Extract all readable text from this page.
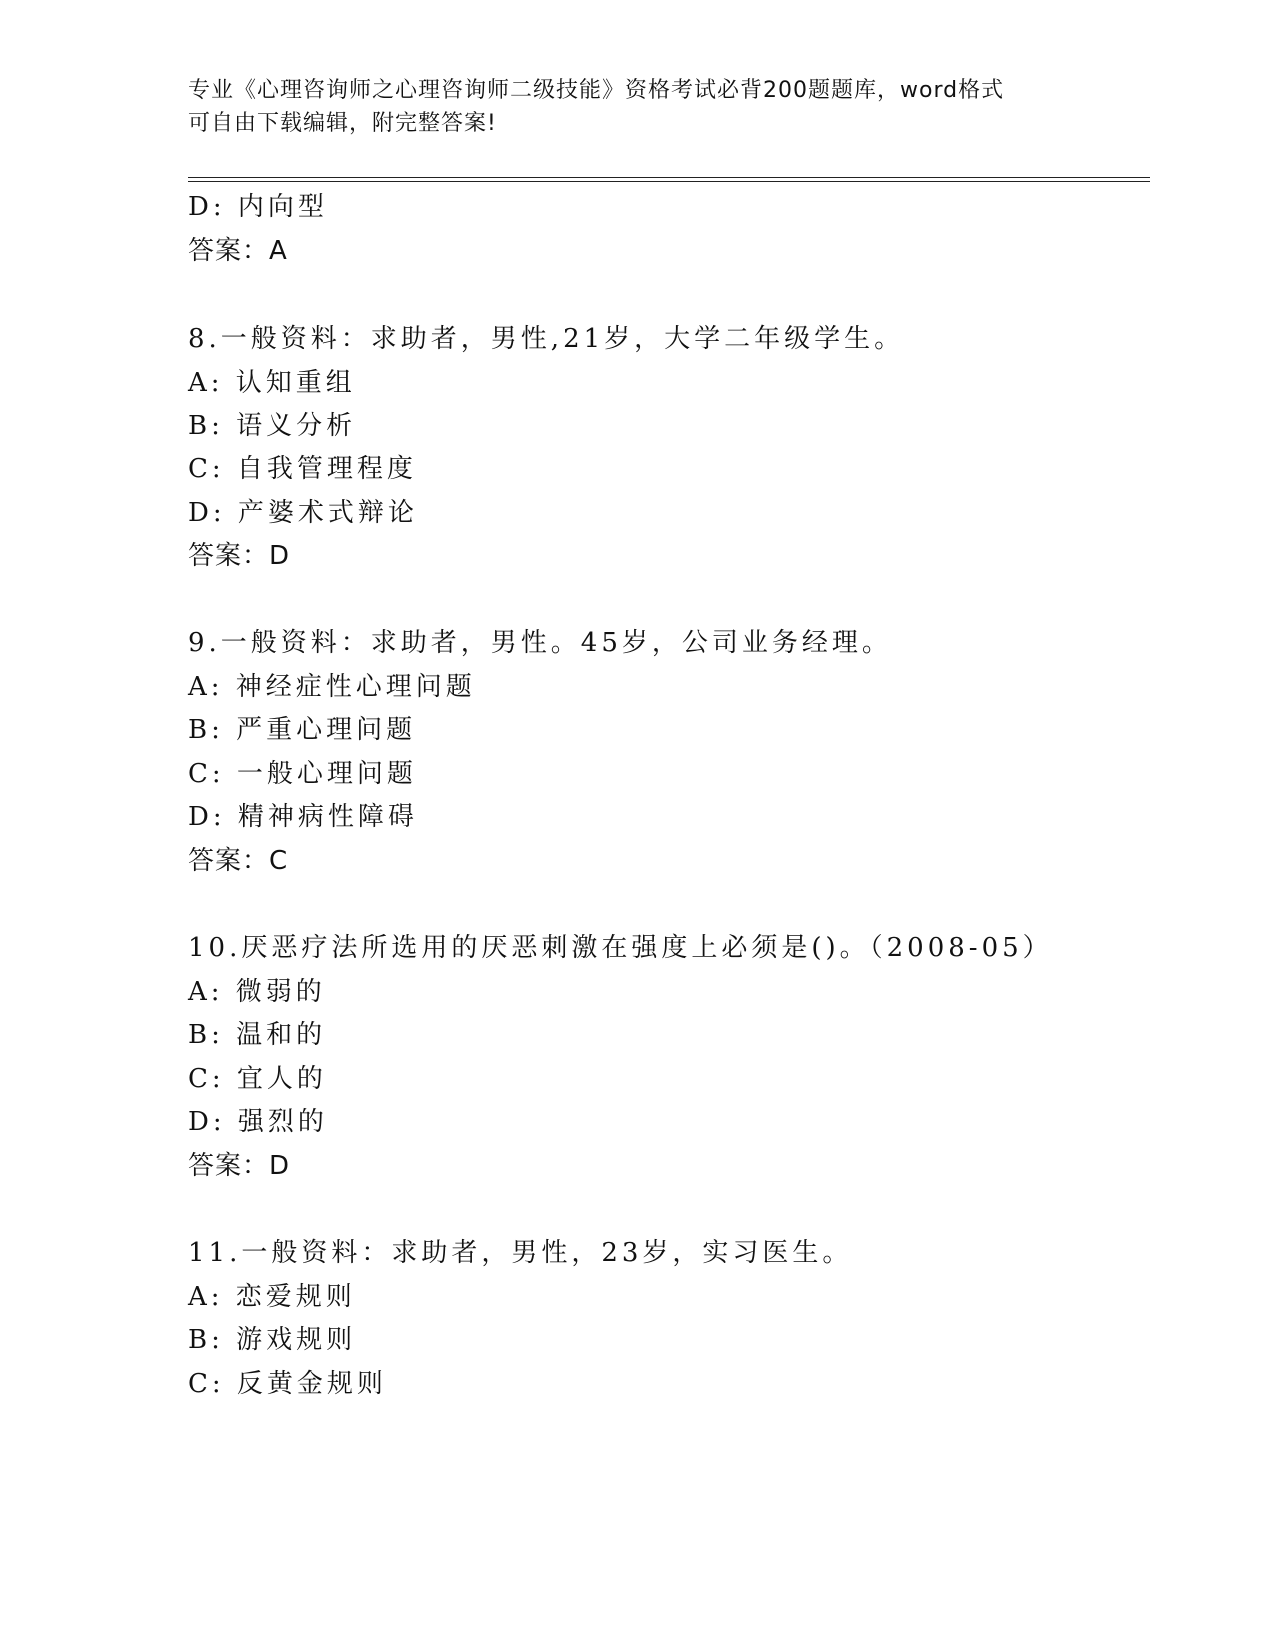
专业《心理咨询师之心理咨询师二级技能》资格考试必背200题题库，word格式
可自由下载编辑，附完整答案!
D: 内向型
答案：A
8.一般资料：求助者，男性,21岁，大学二年级学生。
A: 认知重组
B: 语义分析
C: 自我管理程度
D: 产婆术式辩论
答案：D
9.一般资料：求助者，男性。45岁，公司业务经理。
A: 神经症性心理问题
B: 严重心理问题
C: 一般心理问题
D: 精神病性障碍
答案：C
10.厌恶疗法所选用的厌恶刺激在强度上必须是()。（2008-05）
A: 微弱的
B: 温和的
C: 宜人的
D: 强烈的
答案：D
11.一般资料：求助者，男性，23岁，实习医生。
A: 恋爱规则
B: 游戏规则
C: 反黄金规则
